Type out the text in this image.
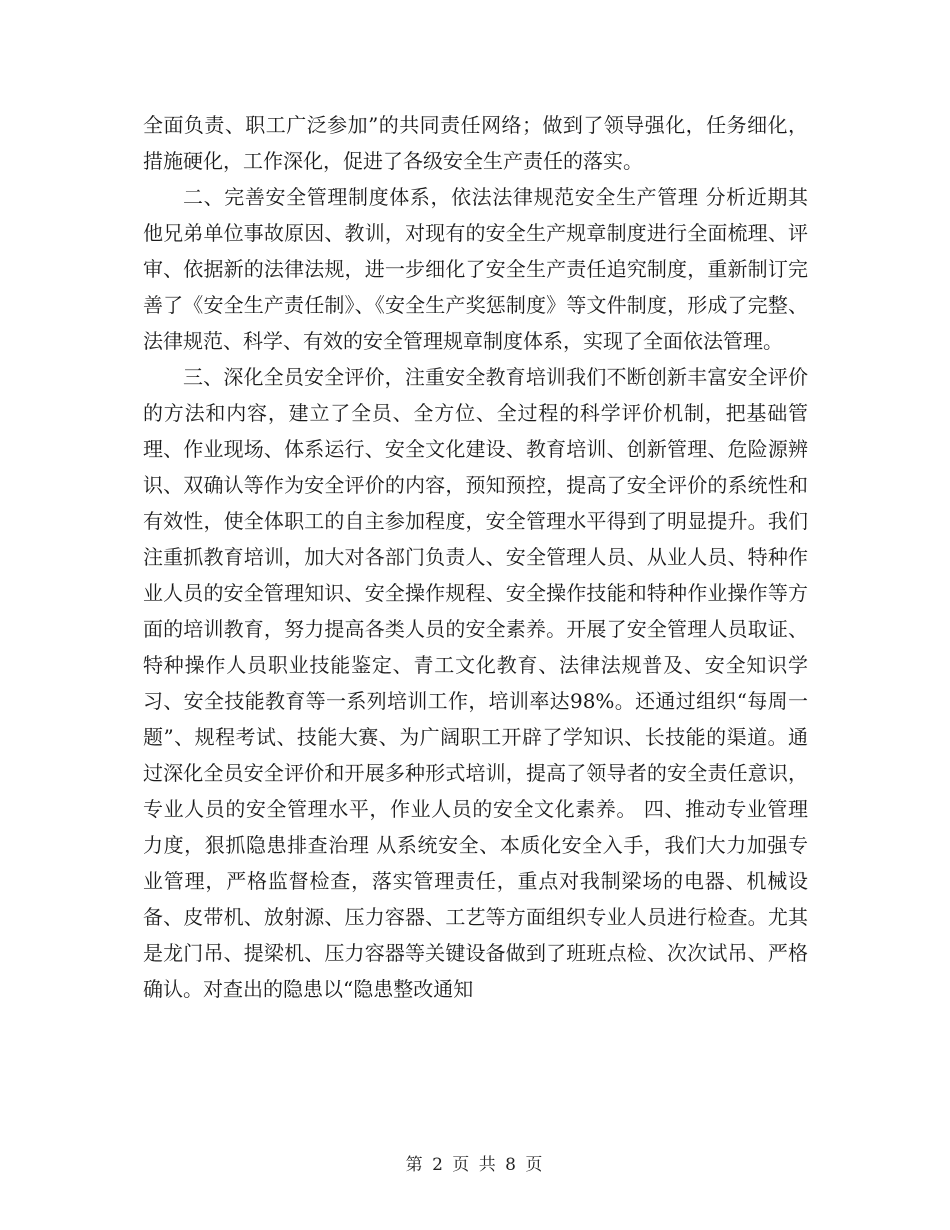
全面负责、职工广泛参加”的共同责任网络；做到了领导强化，任务细化，措施硬化，工作深化，促进了各级安全生产责任的落实。

二、完善安全管理制度体系，依法法律规范安全生产管理 分析近期其他兄弟单位事故原因、教训，对现有的安全生产规章制度进行全面梳理、评审、依据新的法律法规，进一步细化了安全生产责任追究制度，重新制订完善了《安全生产责任制》、《安全生产奖惩制度》等文件制度，形成了完整、法律规范、科学、有效的安全管理规章制度体系，实现了全面依法管理。

三、深化全员安全评价，注重安全教育培训我们不断创新丰富安全评价的方法和内容，建立了全员、全方位、全过程的科学评价机制，把基础管理、作业现场、体系运行、安全文化建设、教育培训、创新管理、危险源辨识、双确认等作为安全评价的内容，预知预控，提高了安全评价的系统性和有效性，使全体职工的自主参加程度，安全管理水平得到了明显提升。我们注重抓教育培训，加大对各部门负责人、安全管理人员、从业人员、特种作业人员的安全管理知识、安全操作规程、安全操作技能和特种作业操作等方面的培训教育，努力提高各类人员的安全素养。开展了安全管理人员取证、特种操作人员职业技能鉴定、青工文化教育、法律法规普及、安全知识学习、安全技能教育等一系列培训工作，培训率达98%。还通过组织“每周一题”、规程考试、技能大赛、为广阔职工开辟了学知识、长技能的渠道。通过深化全员安全评价和开展多种形式培训，提高了领导者的安全责任意识，专业人员的安全管理水平，作业人员的安全文化素养。 四、推动专业管理力度，狠抓隐患排查治理 从系统安全、本质化安全入手，我们大力加强专业管理，严格监督检查，落实管理责任，重点对我制梁场的电器、机械设备、皮带机、放射源、压力容器、工艺等方面组织专业人员进行检查。尤其是龙门吊、提梁机、压力容器等关键设备做到了班班点检、次次试吊、严格确认。对查出的隐患以“隐患整改通知

第 2 页 共 8 页
